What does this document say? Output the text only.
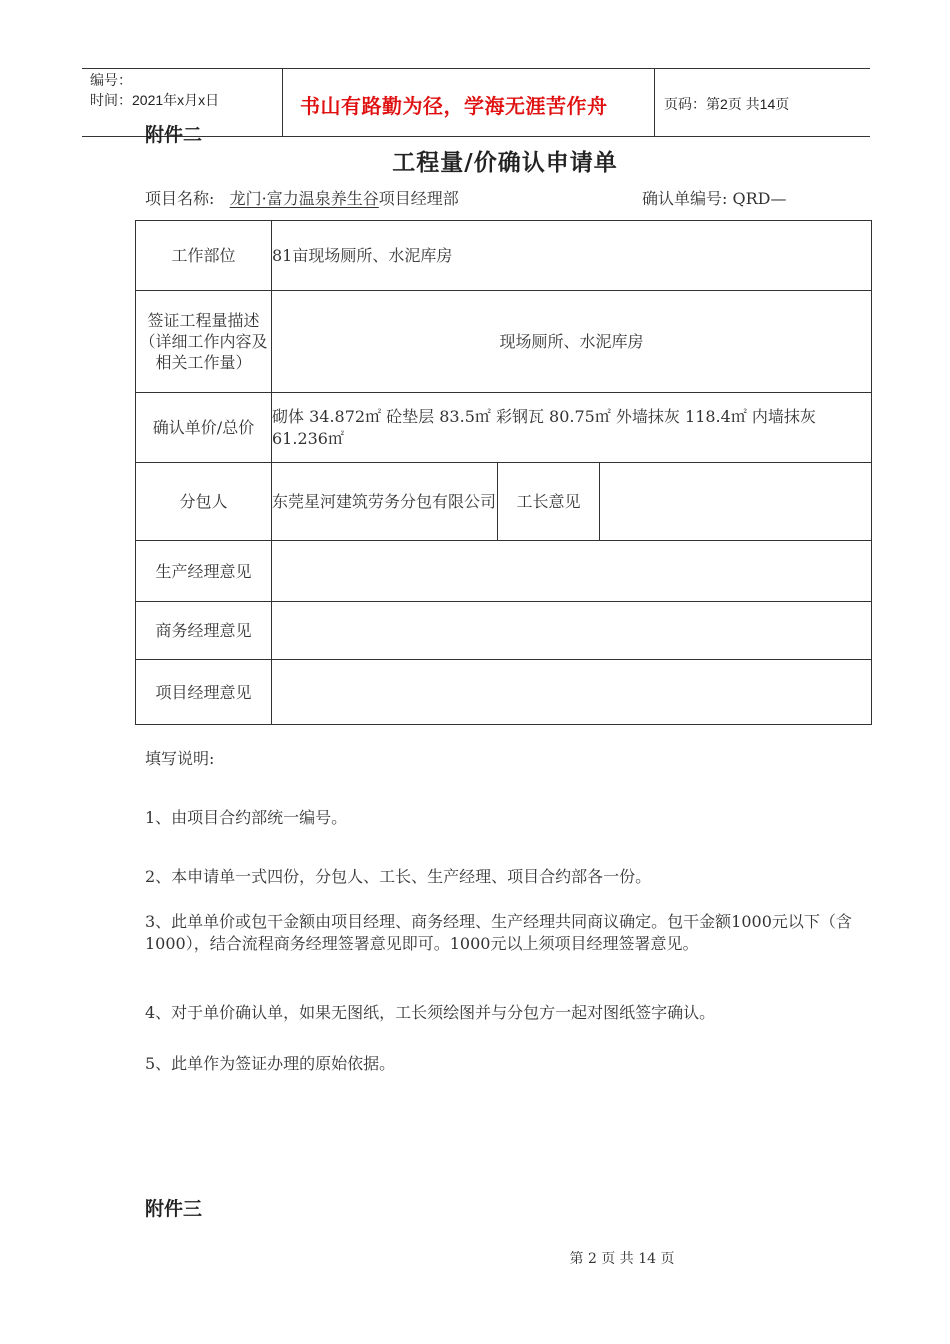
编号：
时间：2021年x月x日	书山有路勤为径，学海无涯苦作舟	页码：第2页 共14页
附件二
工程量/价确认申请单
项目名称: 龙门·富力温泉养生谷项目经理部	确认单编号: QRD—
工作部位	81亩现场厕所、水泥库房		
签证工程量描述（详细工作内容及相关工作量）	现场厕所、水泥库房		
确认单价/总价	砌体 34.872㎡ 砼垫层 83.5㎡ 彩钢瓦 80.75㎡ 外墙抹灰 118.4㎡ 内墙抹灰 61.236㎡		
分包人	东莞星河建筑劳务分包有限公司	工长意见	
生产经理意见			
商务经理意见			
项目经理意见			
填写说明:
1、由项目合约部统一编号。
2、本申请单一式四份，分包人、工长、生产经理、项目合约部各一份。
3、此单单价或包干金额由项目经理、商务经理、生产经理共同商议确定。包干金额1000元以下（含1000），结合流程商务经理签署意见即可。1000元以上须项目经理签署意见。
4、对于单价确认单，如果无图纸，工长须绘图并与分包方一起对图纸签字确认。
5、此单作为签证办理的原始依据。
附件三
第 2 页 共 14 页
